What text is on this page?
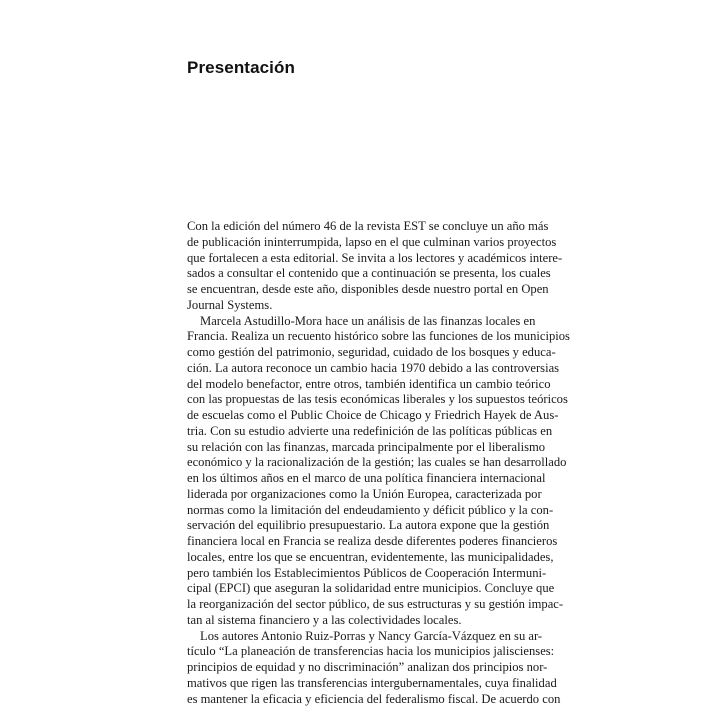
Presentación
Con la edición del número 46 de la revista EST se concluye un año más
de publicación ininterrumpida, lapso en el que culminan varios proyectos
que fortalecen a esta editorial. Se invita a los lectores y académicos intere-
sados a consultar el contenido que a continuación se presenta, los cuales
se encuentran, desde este año, disponibles desde nuestro portal en Open
Journal Systems.
Marcela Astudillo-Mora hace un análisis de las finanzas locales en
Francia. Realiza un recuento histórico sobre las funciones de los municipios
como gestión del patrimonio, seguridad, cuidado de los bosques y educa-
ción. La autora reconoce un cambio hacia 1970 debido a las controversias
del modelo benefactor, entre otros, también identifica un cambio teórico
con las propuestas de las tesis económicas liberales y los supuestos teóricos
de escuelas como el Public Choice de Chicago y Friedrich Hayek de Aus-
tria. Con su estudio advierte una redefinición de las políticas públicas en
su relación con las finanzas, marcada principalmente por el liberalismo
económico y la racionalización de la gestión; las cuales se han desarrollado
en los últimos años en el marco de una política financiera internacional
liderada por organizaciones como la Unión Europea, caracterizada por
normas como la limitación del endeudamiento y déficit público y la con-
servación del equilibrio presupuestario. La autora expone que la gestión
financiera local en Francia se realiza desde diferentes poderes financieros
locales, entre los que se encuentran, evidentemente, las municipalidades,
pero también los Establecimientos Públicos de Cooperación Intermuni-
cipal (EPCI) que aseguran la solidaridad entre municipios. Concluye que
la reorganización del sector público, de sus estructuras y su gestión impac-
tan al sistema financiero y a las colectividades locales.
Los autores Antonio Ruiz-Porras y Nancy García-Vázquez en su ar-
tículo “La planeación de transferencias hacia los municipios jaliscienses:
principios de equidad y no discriminación” analizan dos principios nor-
mativos que rigen las transferencias intergubernamentales, cuya finalidad
es mantener la eficacia y eficiencia del federalismo fiscal. De acuerdo con
